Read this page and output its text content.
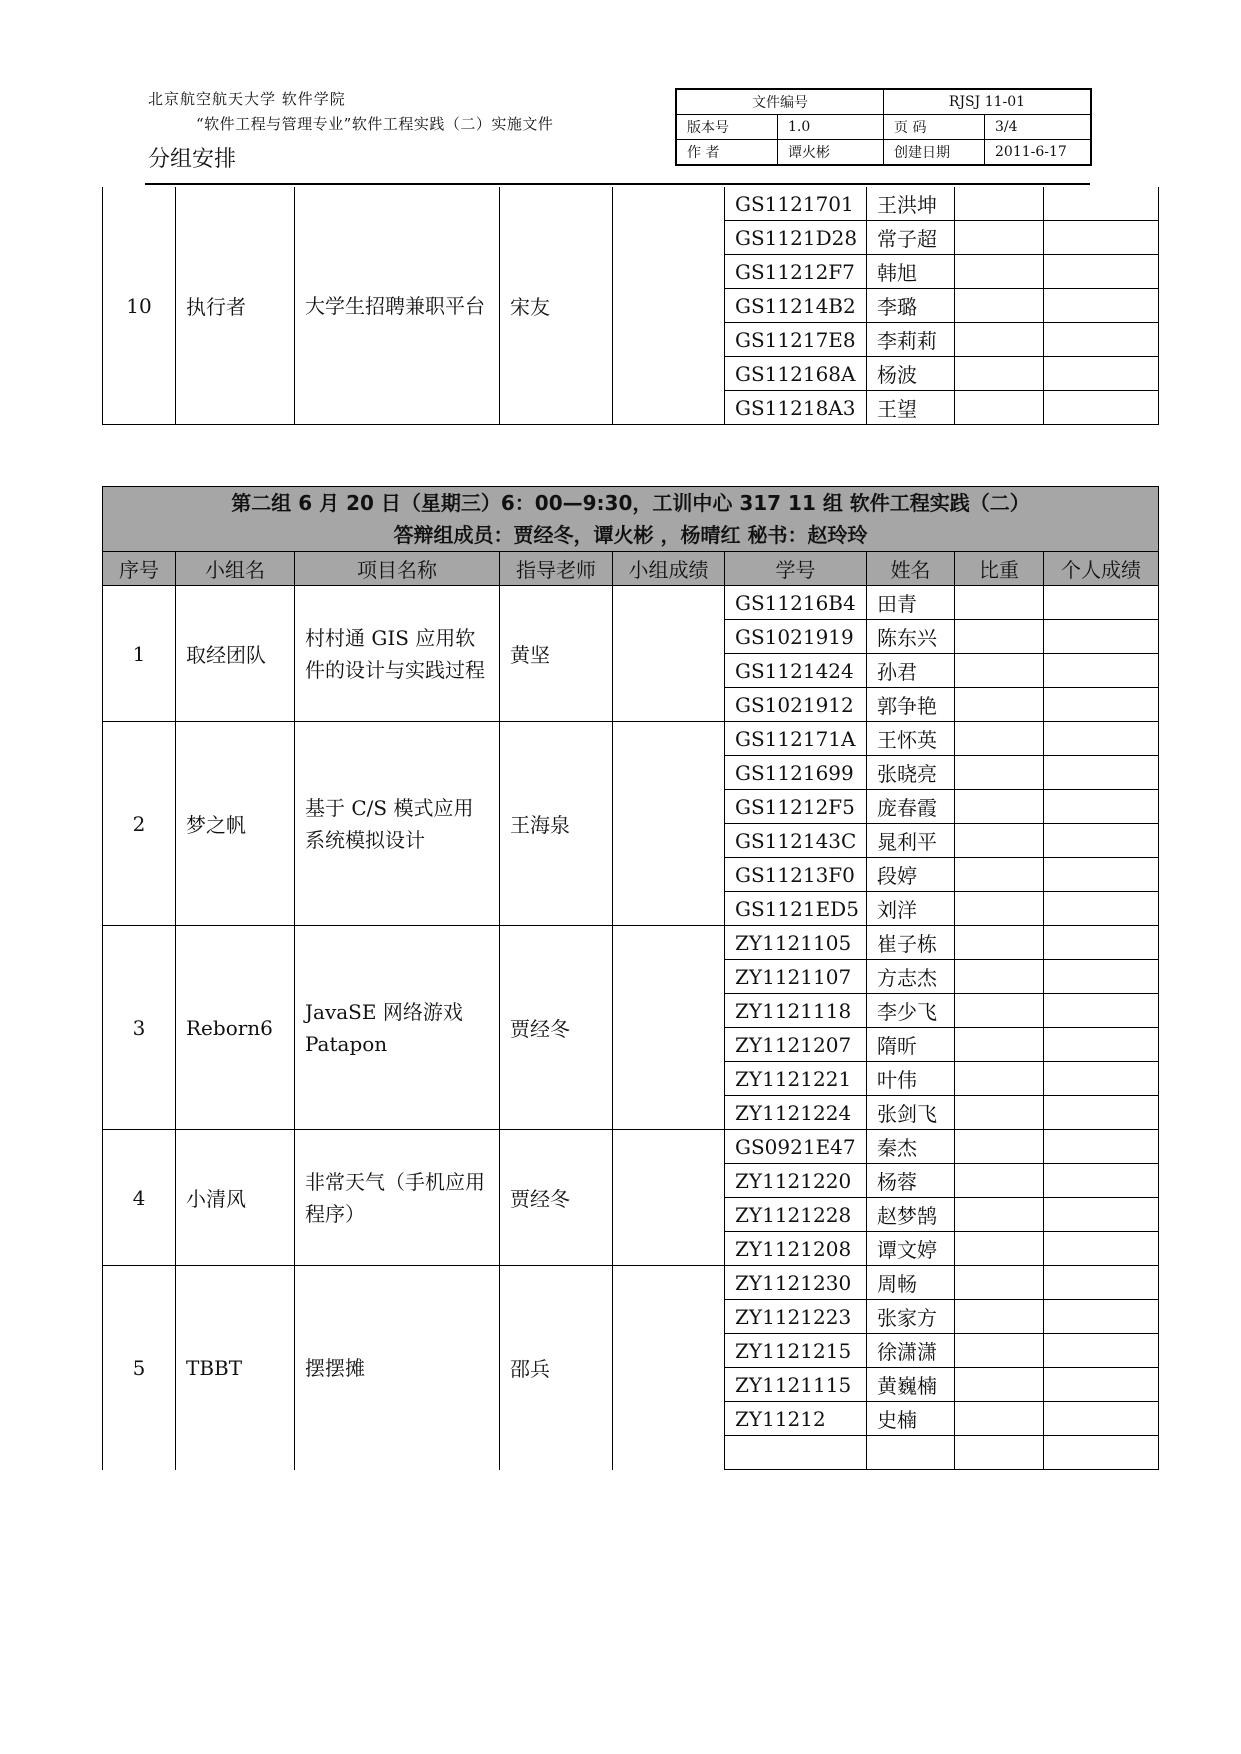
北京航空航天大学 软件学院
“软件工程与管理专业”软件工程实践（二）实施文件
分组安排
文件编号		RJSJ 11-01	
版本号	1.0	页 码	3/4
作 者	谭火彬	创建日期	2011-6-17
10	执行者	大学生招聘兼职平台	宋友		GS1121701	王洪坤		
					GS1121D28	常子超		
					GS11212F7	韩旭		
					GS11214B2	李璐		
					GS11217E8	李莉莉		
					GS112168A	杨波		
					GS11218A3	王望		
第二组 6 月 20 日（星期三）6：00—9:30，工训中心 317 11 组 软件工程实践（二）
答辩组成员：贾经冬，谭火彬 ，杨晴红 秘书：赵玲玲								

序号	小组名	项目名称	指导老师	小组成绩	学号	姓名	比重	个人成绩
1	取经团队	村村通 GIS 应用软件的设计与实践过程	黄坚		GS11216B4	田青		
					GS1021919	陈东兴		
					GS1121424	孙君		
					GS1021912	郭争艳		
2	梦之帆	基于 C/S 模式应用系统模拟设计	王海泉		GS112171A	王怀英		
					GS1121699	张晓亮		
					GS11212F5	庞春霞		
					GS112143C	晁利平		
					GS11213F0	段婷		
					GS1121ED5	刘洋		
3	Reborn6	JavaSE 网络游戏 Patapon	贾经冬		ZY1121105	崔子栋		
					ZY1121107	方志杰		
					ZY1121118	李少飞		
					ZY1121207	隋昕		
					ZY1121221	叶伟		
					ZY1121224	张剑飞		
4	小清风	非常天气（手机应用程序）	贾经冬		GS0921E47	秦杰		
					ZY1121220	杨蓉		
					ZY1121228	赵梦鹄		
					ZY1121208	谭文婷		
5	TBBT	摆摆摊	邵兵		ZY1121230	周畅		
					ZY1121223	张家方		
					ZY1121215	徐潇潇		
					ZY1121115	黄巍楠		
					ZY11212	史楠		
